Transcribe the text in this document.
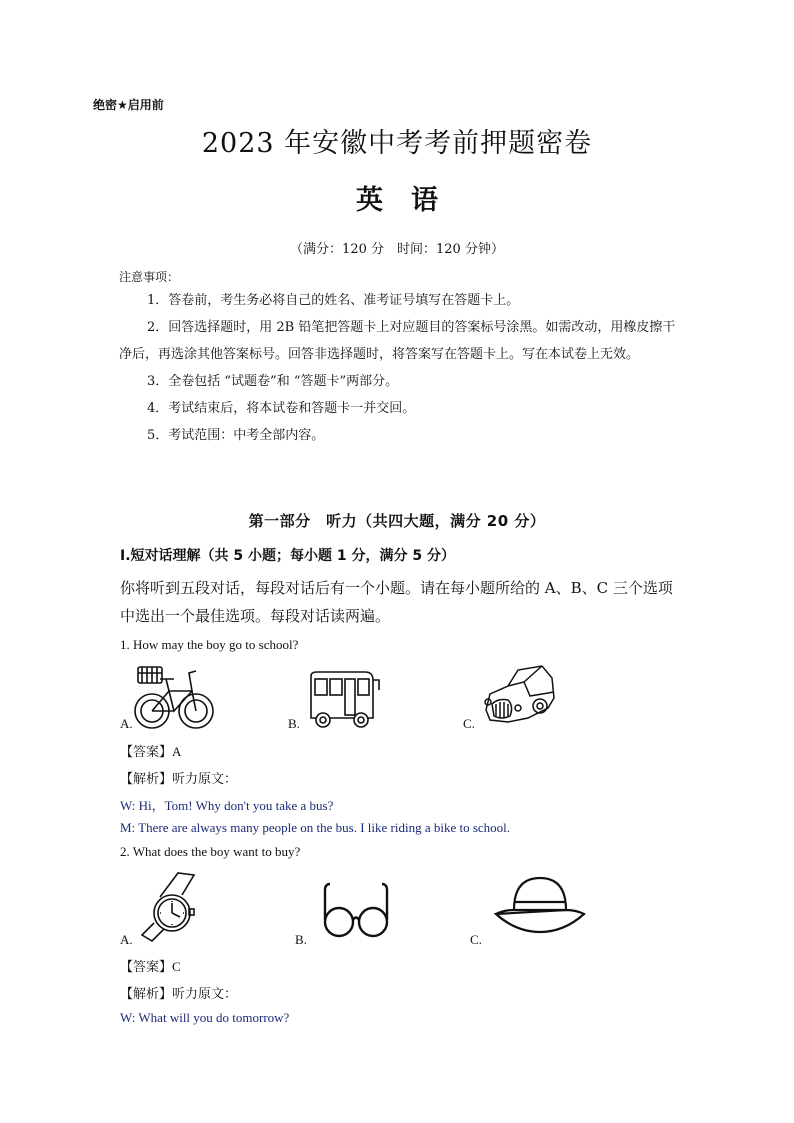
绝密★启用前
2023 年安徽中考考前押题密卷
英语
（满分：120 分　时间：120 分钟）
注意事项：

1．答卷前，考生务必将自己的姓名、准考证号填写在答题卡上。

2．回答选择题时，用 2B 铅笔把答题卡上对应题目的答案标号涂黑。如需改动，用橡皮擦干净后，再选涂其他答案标号。回答非选择题时，将答案写在答题卡上。写在本试卷上无效。

3．全卷包括 “试题卷”和 “答题卡”两部分。

4．考试结束后，将本试卷和答题卡一并交回。

5．考试范围：中考全部内容。

第一部分　听力（共四大题，满分 20 分）
Ⅰ.短对话理解（共 5 小题；每小题 1 分，满分 5 分）
你将听到五段对话，每段对话后有一个小题。请在每小题所给的 A、B、C 三个选项中选出一个最佳选项。每段对话读两遍。
1. How may the boy go to school?
A.	B.	C.
【答案】A
【解析】听力原文：
W: Hi，Tom! Why don't you take a bus?
M: There are always many people on the bus. I like riding a bike to school.
2. What does the boy want to buy?
A.	B.	C.
【答案】C
【解析】听力原文：
W: What will you do tomorrow?
